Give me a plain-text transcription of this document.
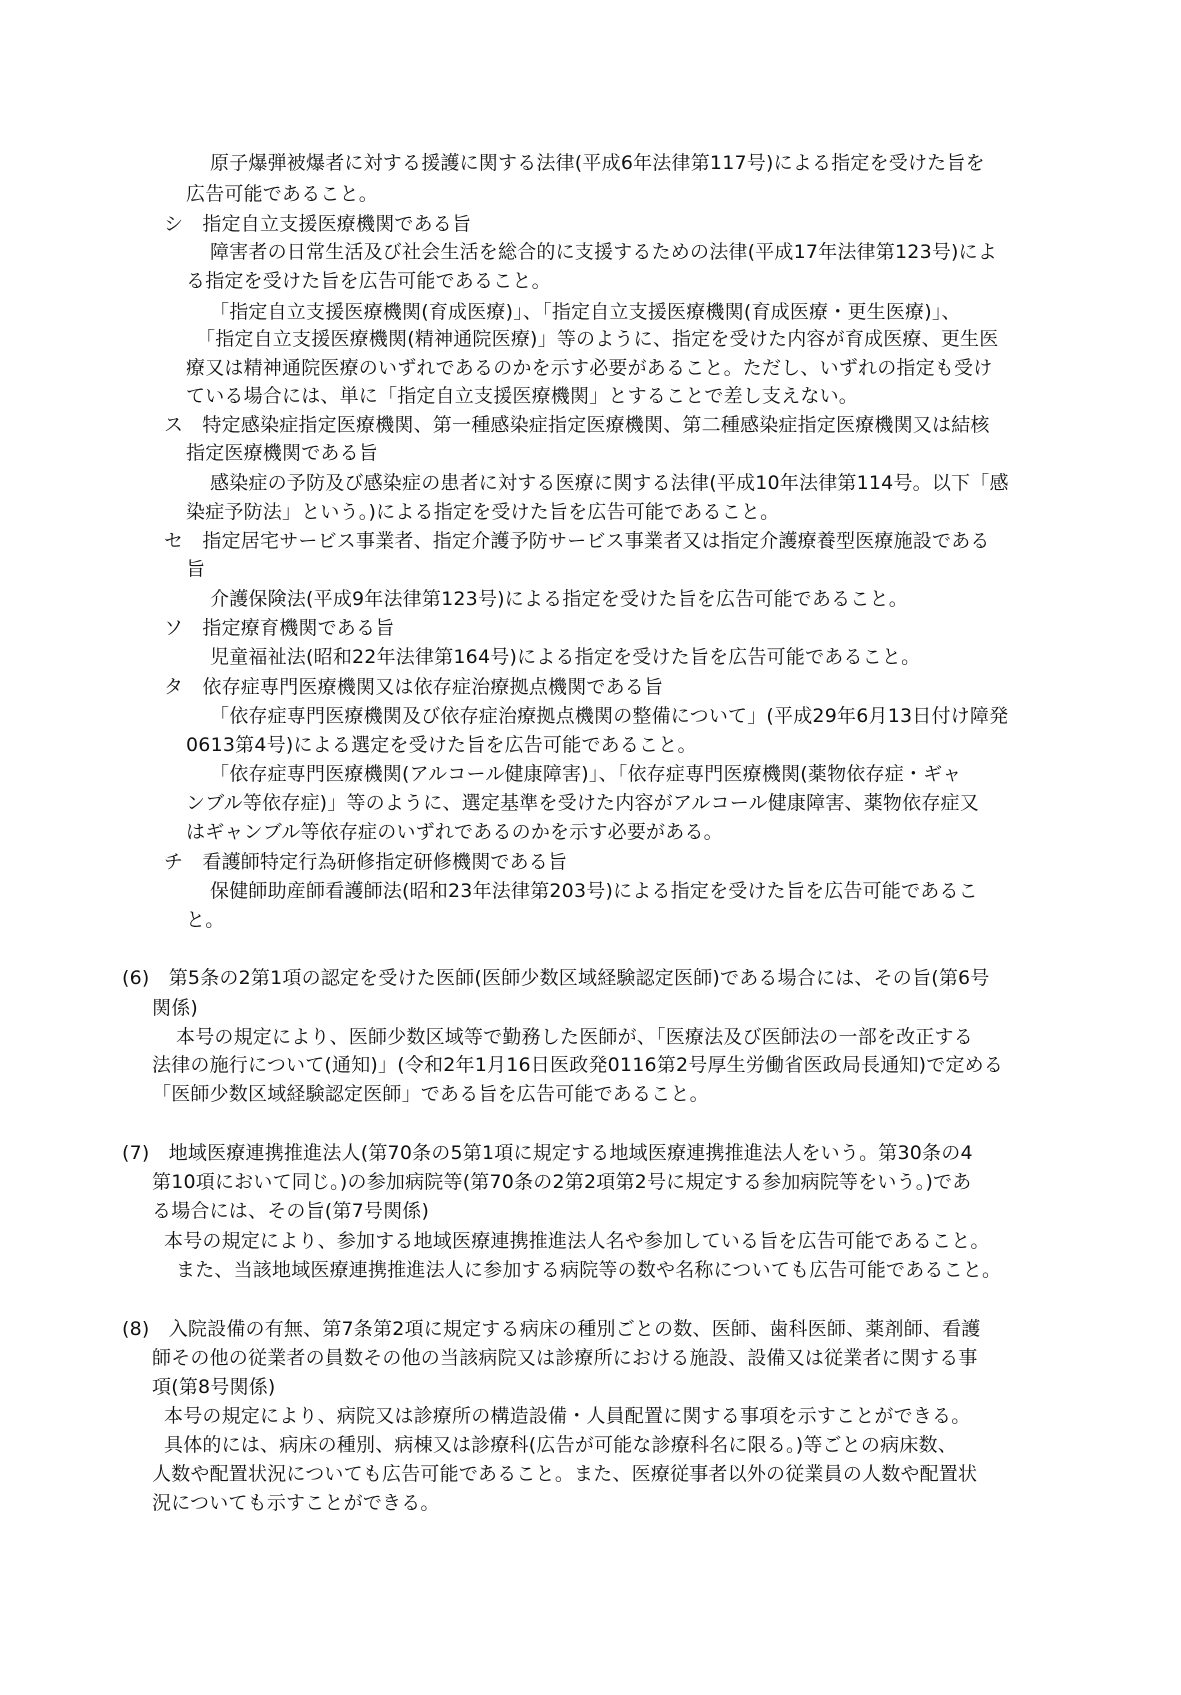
原子爆弾被爆者に対する援護に関する法律(平成6年法律第117号)による指定を受けた旨を
広告可能であること。
シ　指定自立支援医療機関である旨
障害者の日常生活及び社会生活を総合的に支援するための法律(平成17年法律第123号)によ
る指定を受けた旨を広告可能であること。
「指定自立支援医療機関(育成医療)」、「指定自立支援医療機関(育成医療・更生医療)」、
「指定自立支援医療機関(精神通院医療)」等のように、指定を受けた内容が育成医療、更生医
療又は精神通院医療のいずれであるのかを示す必要があること。ただし、いずれの指定も受け
ている場合には、単に「指定自立支援医療機関」とすることで差し支えない。
ス　特定感染症指定医療機関、第一種感染症指定医療機関、第二種感染症指定医療機関又は結核
指定医療機関である旨
感染症の予防及び感染症の患者に対する医療に関する法律(平成10年法律第114号。以下「感
染症予防法」という。)による指定を受けた旨を広告可能であること。
セ　指定居宅サービス事業者、指定介護予防サービス事業者又は指定介護療養型医療施設である
旨
介護保険法(平成9年法律第123号)による指定を受けた旨を広告可能であること。
ソ　指定療育機関である旨
児童福祉法(昭和22年法律第164号)による指定を受けた旨を広告可能であること。
タ　依存症専門医療機関又は依存症治療拠点機関である旨
「依存症専門医療機関及び依存症治療拠点機関の整備について」(平成29年6月13日付け障発
0613第4号)による選定を受けた旨を広告可能であること。
「依存症専門医療機関(アルコール健康障害)」、「依存症専門医療機関(薬物依存症・ギャ
ンブル等依存症)」等のように、選定基準を受けた内容がアルコール健康障害、薬物依存症又
はギャンブル等依存症のいずれであるのかを示す必要がある。
チ　看護師特定行為研修指定研修機関である旨
保健師助産師看護師法(昭和23年法律第203号)による指定を受けた旨を広告可能であるこ
と。
(6)　第5条の2第1項の認定を受けた医師(医師少数区域経験認定医師)である場合には、その旨(第6号
関係)
本号の規定により、医師少数区域等で勤務した医師が、「医療法及び医師法の一部を改正する
法律の施行について(通知)」(令和2年1月16日医政発0116第2号厚生労働省医政局長通知)で定める
「医師少数区域経験認定医師」である旨を広告可能であること。
(7)　地域医療連携推進法人(第70条の5第1項に規定する地域医療連携推進法人をいう。第30条の4
第10項において同じ。)の参加病院等(第70条の2第2項第2号に規定する参加病院等をいう。)であ
る場合には、その旨(第7号関係)
本号の規定により、参加する地域医療連携推進法人名や参加している旨を広告可能であること。
また、当該地域医療連携推進法人に参加する病院等の数や名称についても広告可能であること。
(8)　入院設備の有無、第7条第2項に規定する病床の種別ごとの数、医師、歯科医師、薬剤師、看護
師その他の従業者の員数その他の当該病院又は診療所における施設、設備又は従業者に関する事
項(第8号関係)
本号の規定により、病院又は診療所の構造設備・人員配置に関する事項を示すことができる。
具体的には、病床の種別、病棟又は診療科(広告が可能な診療科名に限る。)等ごとの病床数、
人数や配置状況についても広告可能であること。また、医療従事者以外の従業員の人数や配置状
況についても示すことができる。
